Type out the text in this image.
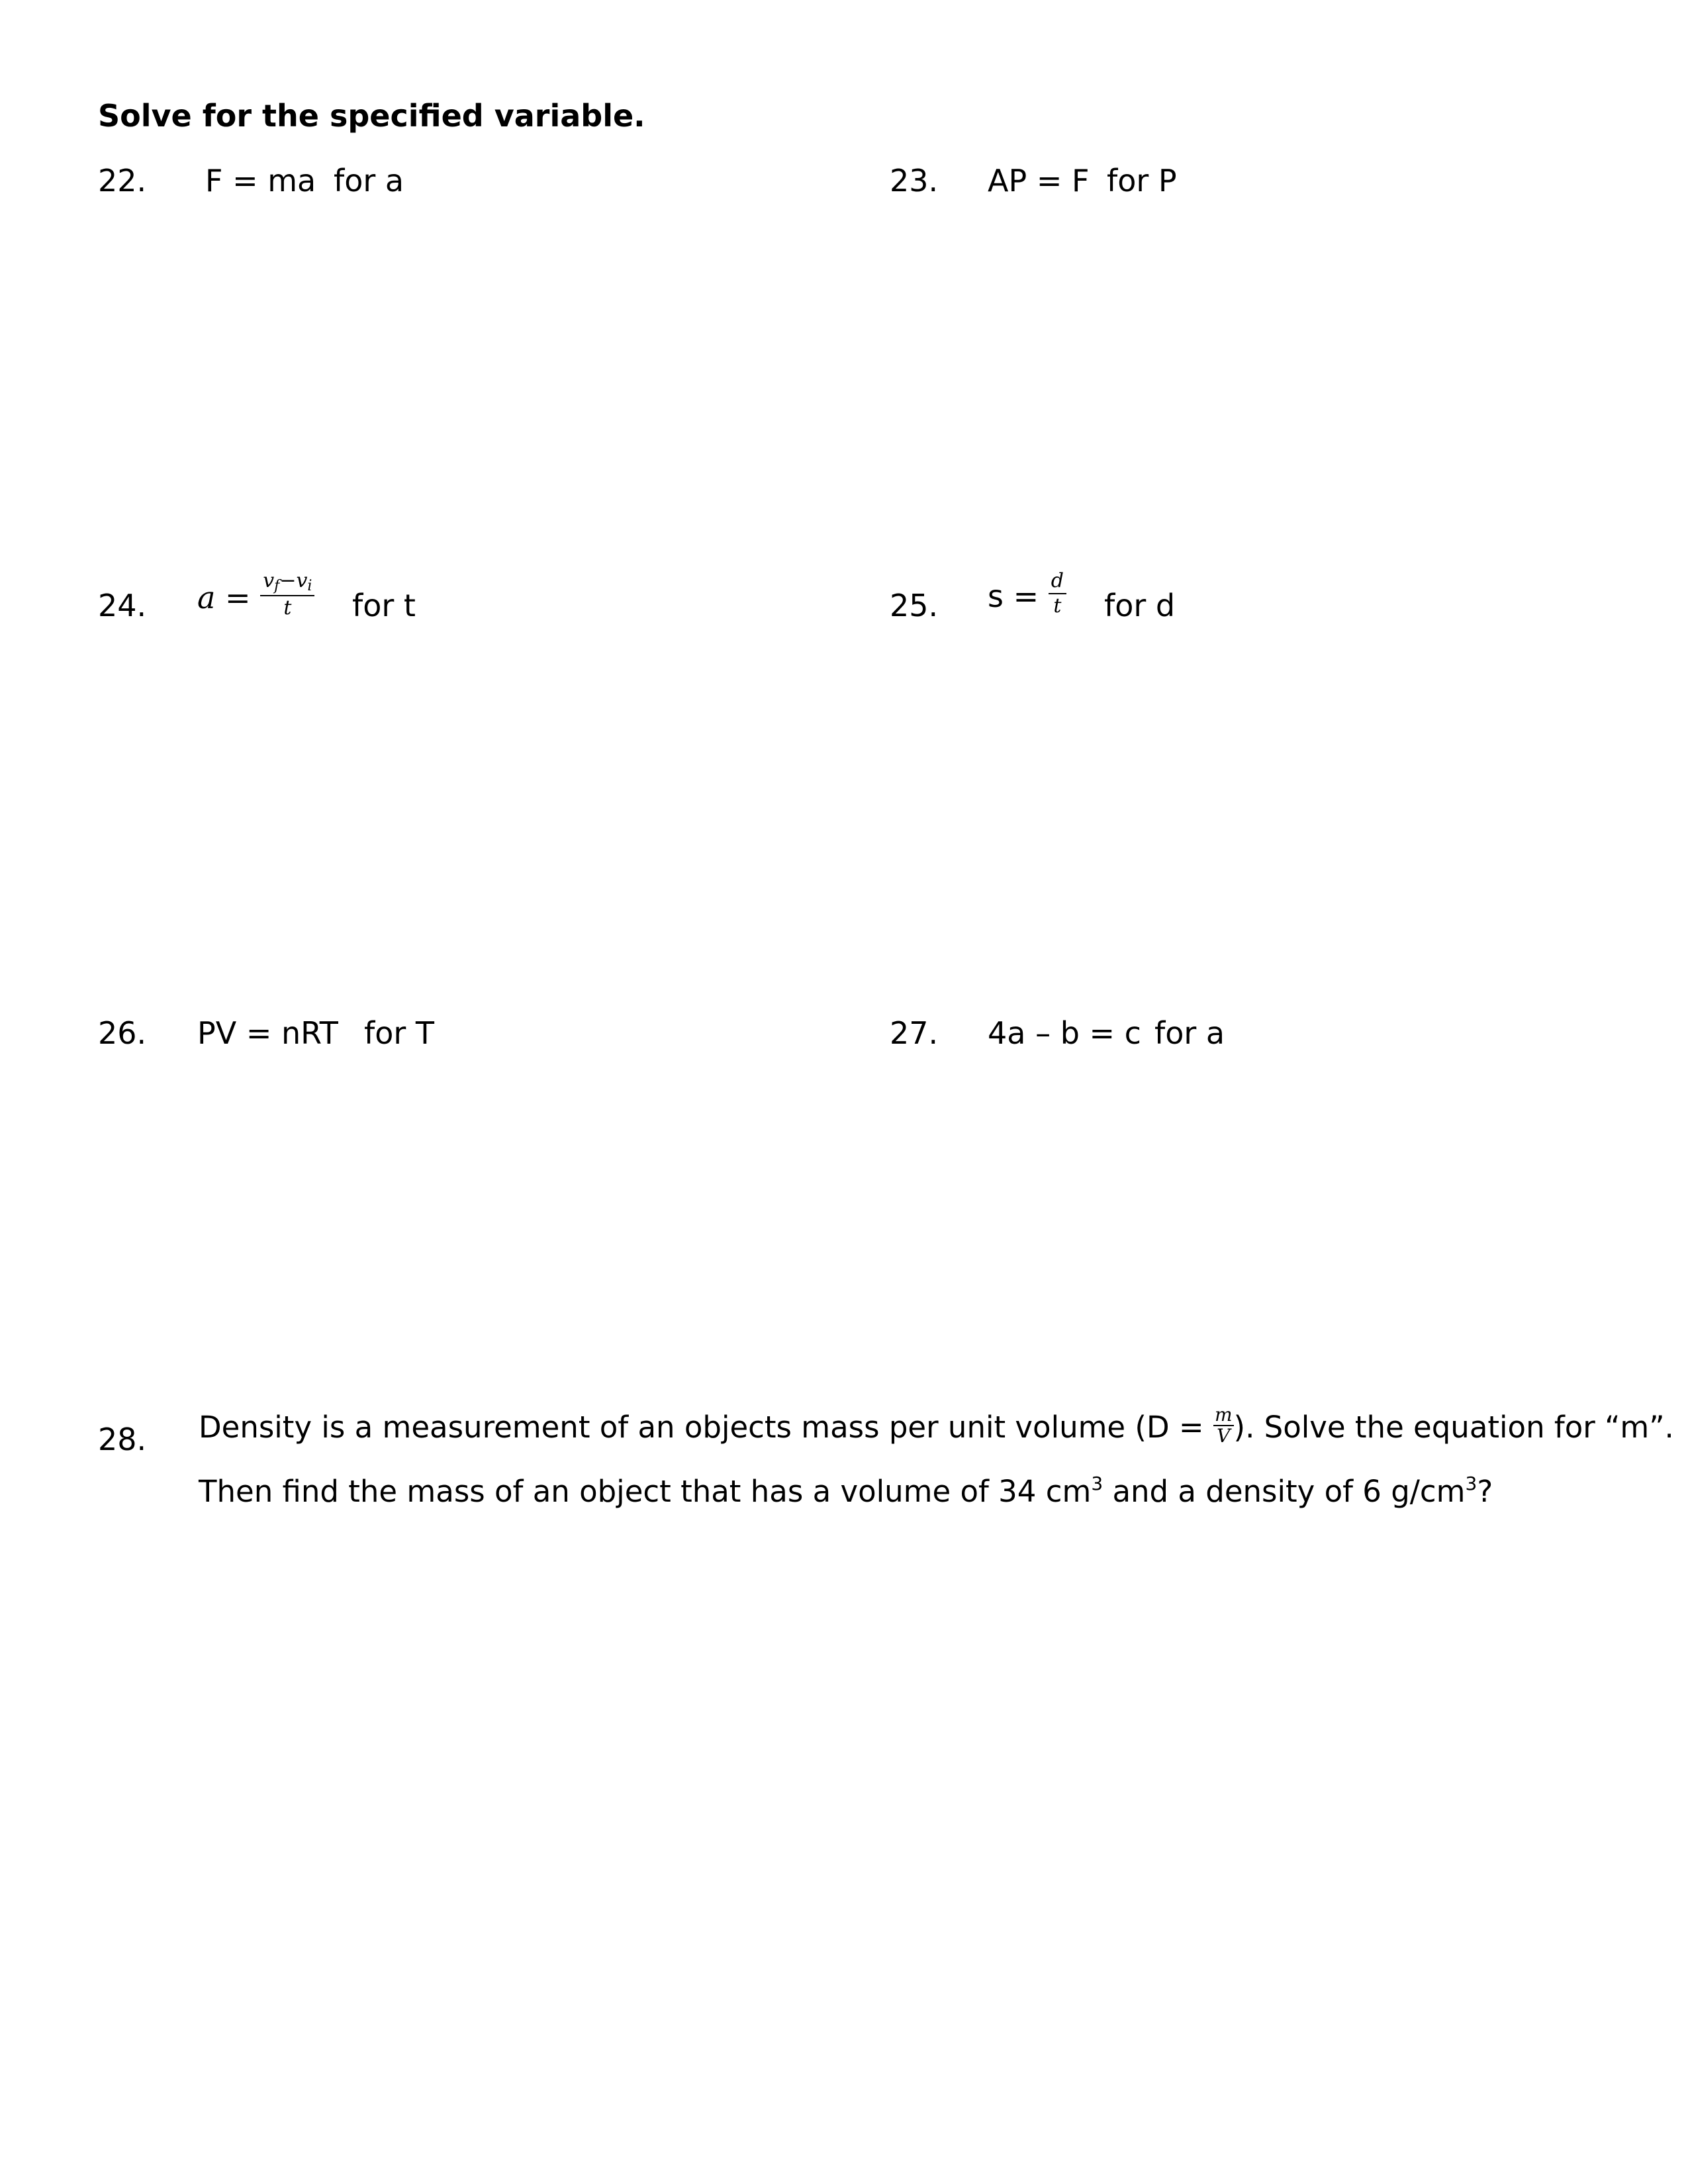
Solve for the specified variable.
22. F = ma for a	23. AP = F for P
24. $a = \frac{v_f-v_i}{t}$ for t	25. $s = \frac{d}{t}$ for d
26. PV = nRT for T	27. 4a – b = c for a
28. Density is a measurement of an objects mass per unit volume ($D = \frac{m}{V}$ ). Solve the equation for “m”.
Then find the mass of an object that has a volume of 34 $cm^3$ and a density of 6 $g/cm^3$?
